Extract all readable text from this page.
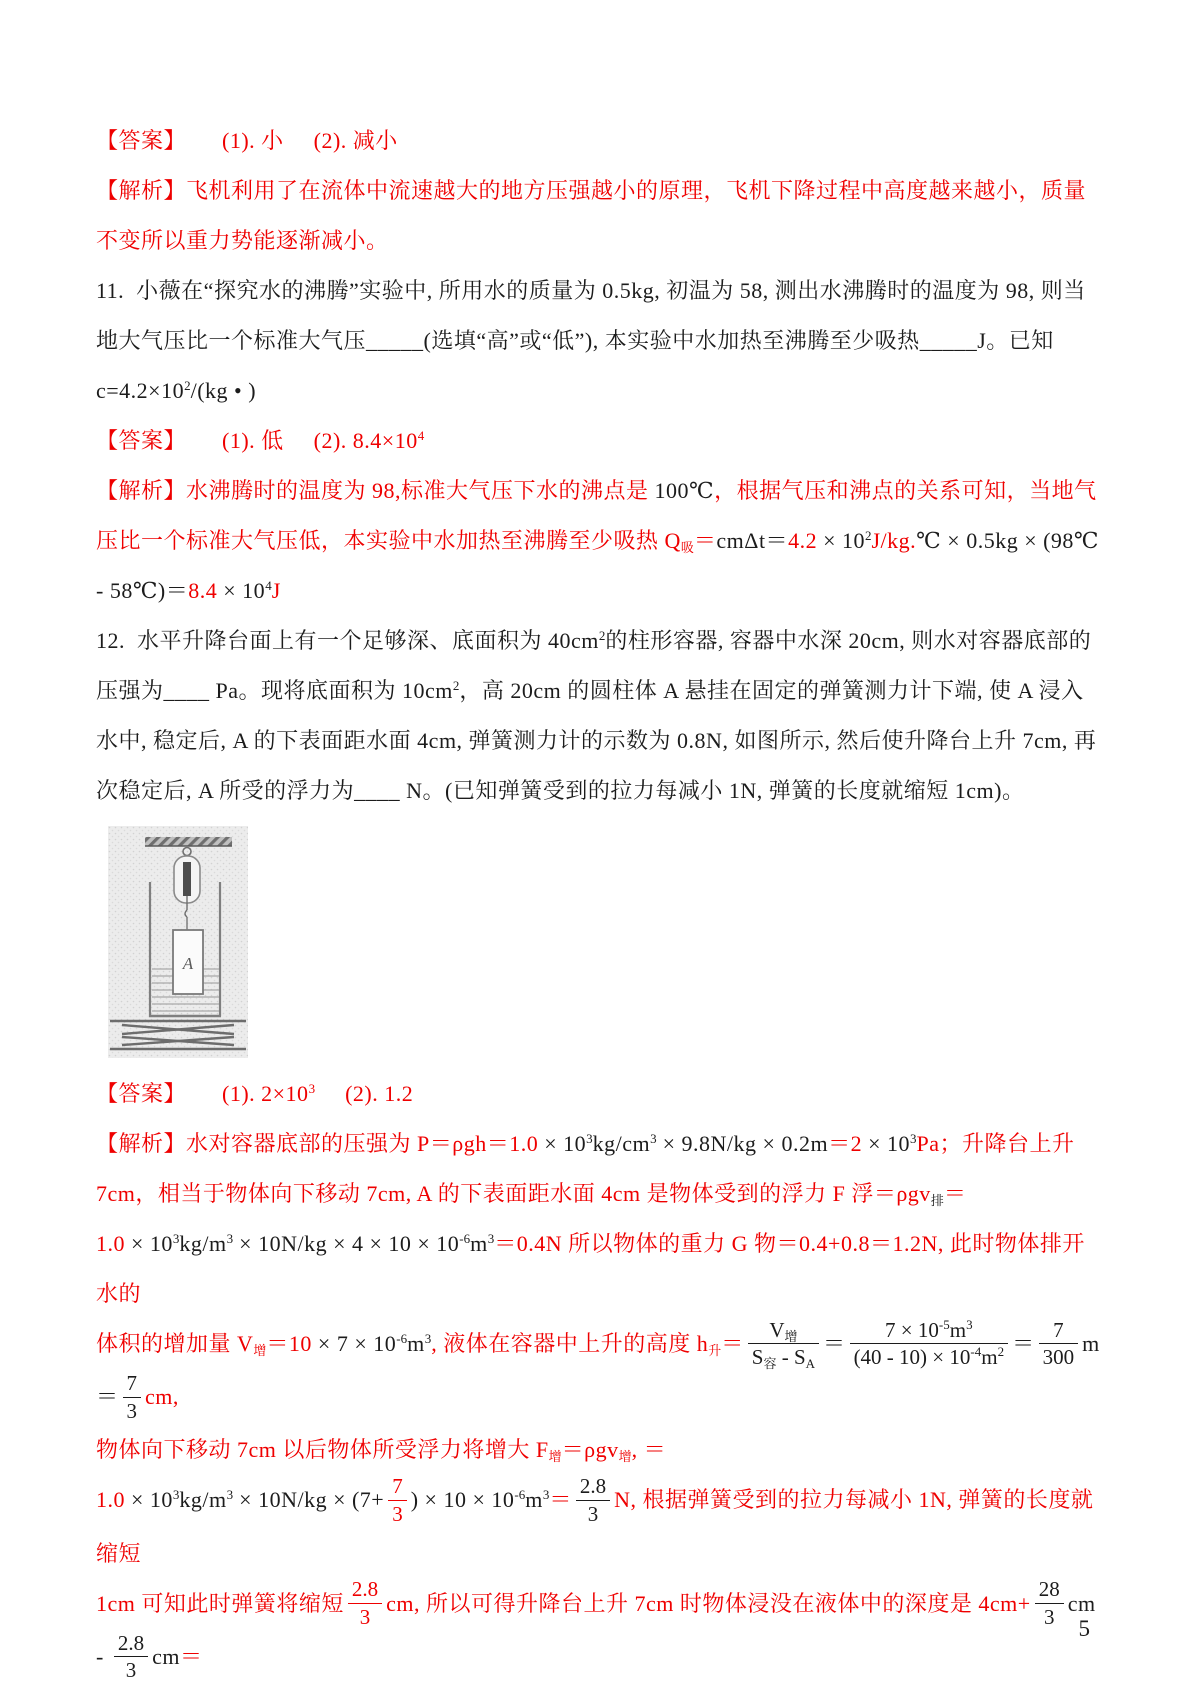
【答案】      (1). 小     (2). 减小

【解析】飞机利用了在流体中流速越大的地方压强越小的原理，飞机下降过程中高度越来越小，质量不变所以重力势能逐渐减小。

11.  小薇在“探究水的沸腾”实验中, 所用水的质量为 0.5kg, 初温为 58, 测出水沸腾时的温度为 98, 则当地大气压比一个标准大气压_____(选填“高”或“低”), 本实验中水加热至沸腾至少吸热_____J。已知 $c=4.2\times 10^2/(kg$ • )

【答案】      (1). 低     (2). $8.4\times 10^4$

【解析】水沸腾时的温度为 98,标准大气压下水的沸点是 100℃，根据气压和沸点的关系可知，当地气压比一个标准大气压低，本实验中水加热至沸腾至少吸热 $Q_吸=cm\Delta t=4.2$ × $10^2J/kg.℃ \times 0.5kg$ × (98℃ - 58℃)＝8.4 × $10^4J$

12.  水平升降台面上有一个足够深、底面积为 $40cm^2$的柱形容器, 容器中水深 20cm, 则水对容器底部的压强为____ Pa。现将底面积为 $10cm^2$，高 20cm 的圆柱体 A 悬挂在固定的弹簧测力计下端, 使 A 浸入水中, 稳定后, A 的下表面距水面 4cm, 弹簧测力计的示数为 0.8N, 如图所示, 然后使升降台上升 7cm, 再次稳定后, A 所受的浮力为____ N。(已知弹簧受到的拉力每减小 1N, 弹簧的长度就缩短 1cm)。

A

【答案】      (1). $2\times 10^3$     (2). 1.2

【解析】水对容器底部的压强为 $P=\rho gh=1.0 \times 10^3kg/cm^3 \times 9.8N/kg \times 0.2m=2 \times 10^3Pa$；升降台上升 7cm，相当于物体向下移动 7cm, A 的下表面距水面 4cm 是物体受到的浮力 F 浮＝ρgv$_排$＝

$1.0 \times 10^3kg/m^3 \times 10N/kg \times 4 \times 10 \times 10^{-6}m^3=0.4N$ 所以物体的重力 G 物＝0.4+0.8＝1.2N, 此时物体排开水的

体积的增加量 $V_增=10 \times 7 \times 10^{-6}m^3$, 液体在容器中上升的高度 $h_升= \frac{V_增}{S_容 - S_A} = \frac{7 \times 10^{-5}m^3}{(40 - 10) \times 10^{-4}m^2} = \frac{7}{300} m= \frac{7}{3}$ cm,

物体向下移动 7cm 以后物体所受浮力将增大 $F_增=\rho gv_增$, ＝

$1.0 \times 10^3kg/m^3 \times 10N/kg \times (7+ \frac{7}{3}$ ) × $10 \times 10^{-6}m^3= \frac{2.8}{3} N$, 根据弹簧受到的拉力每减小 1N, 弹簧的长度就缩短

1cm 可知此时弹簧将缩短 $\frac{2.8}{3}$ cm, 所以可得升降台上升 7cm 时物体浸没在液体中的深度是 $4cm+ \frac{28}{3}$ cm - $\frac{2.8}{3} cm=$

5
